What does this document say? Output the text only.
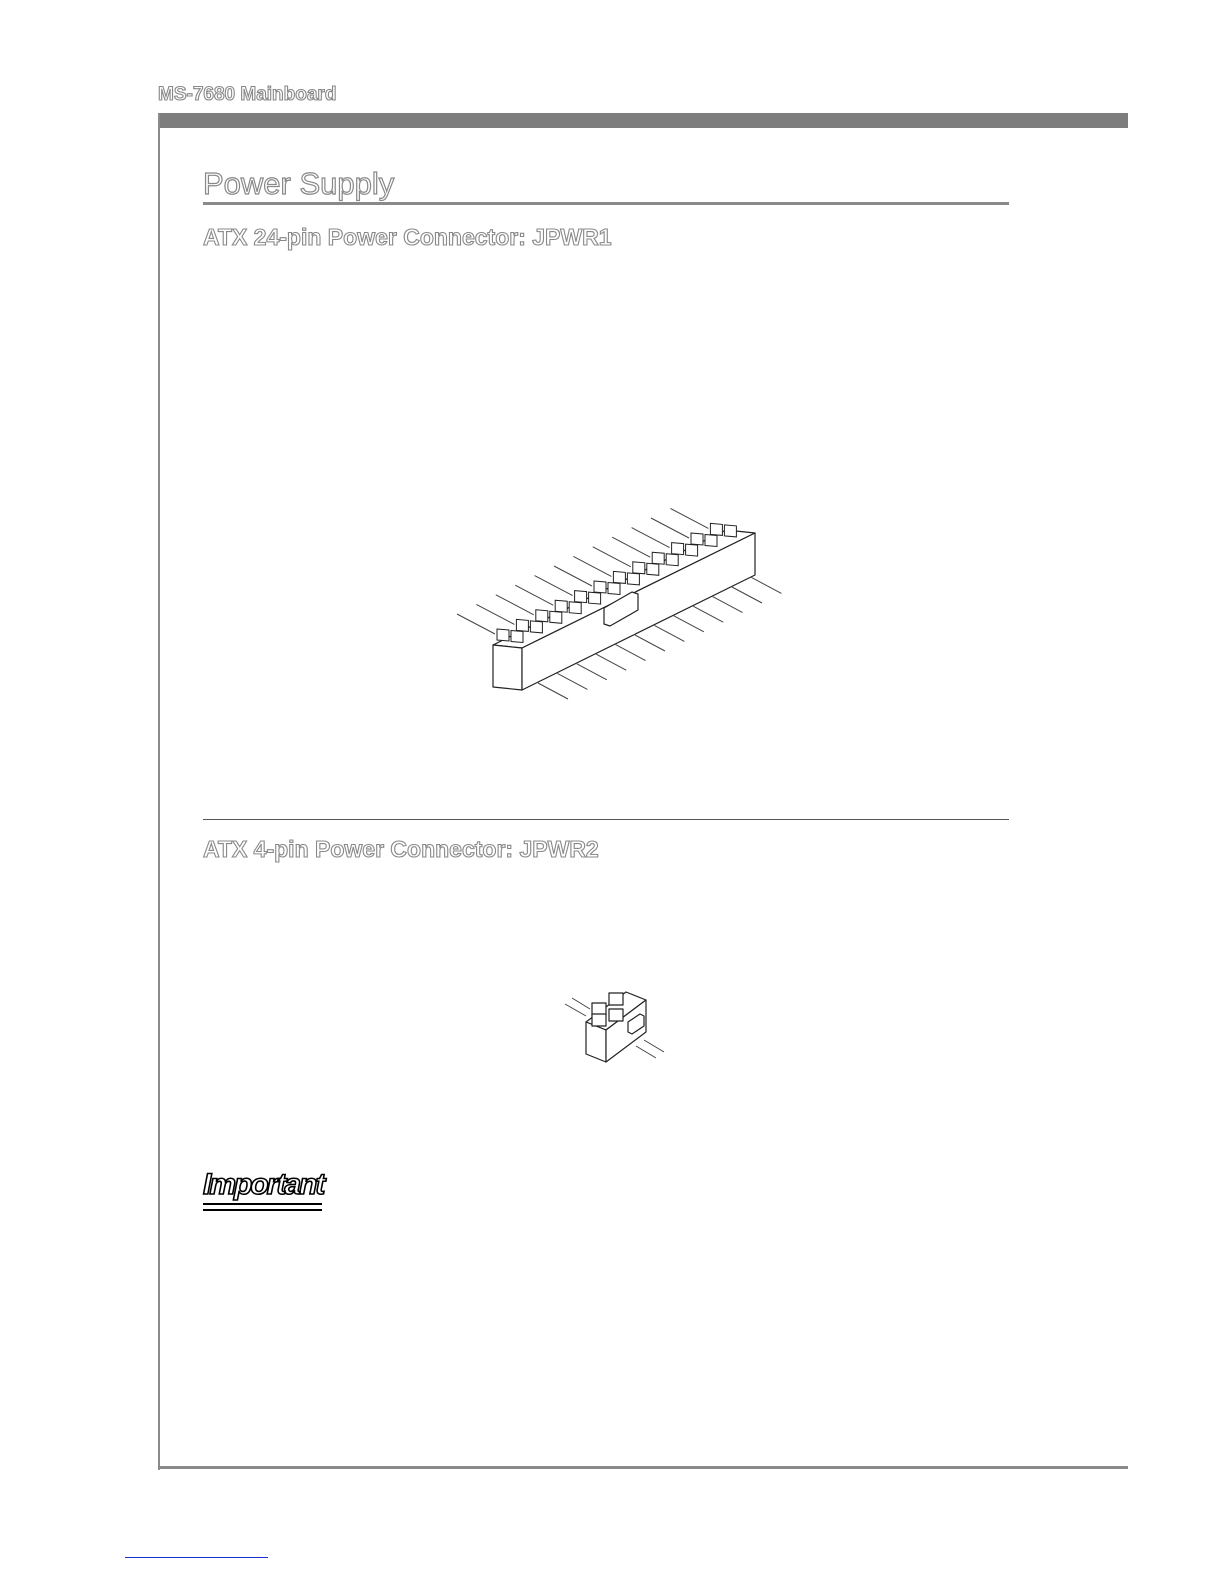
MS-7680 Mainboard
Power Supply
ATX 24-pin Power Connector: JPWR1
ATX 4-pin Power Connector: JPWR2
Important
